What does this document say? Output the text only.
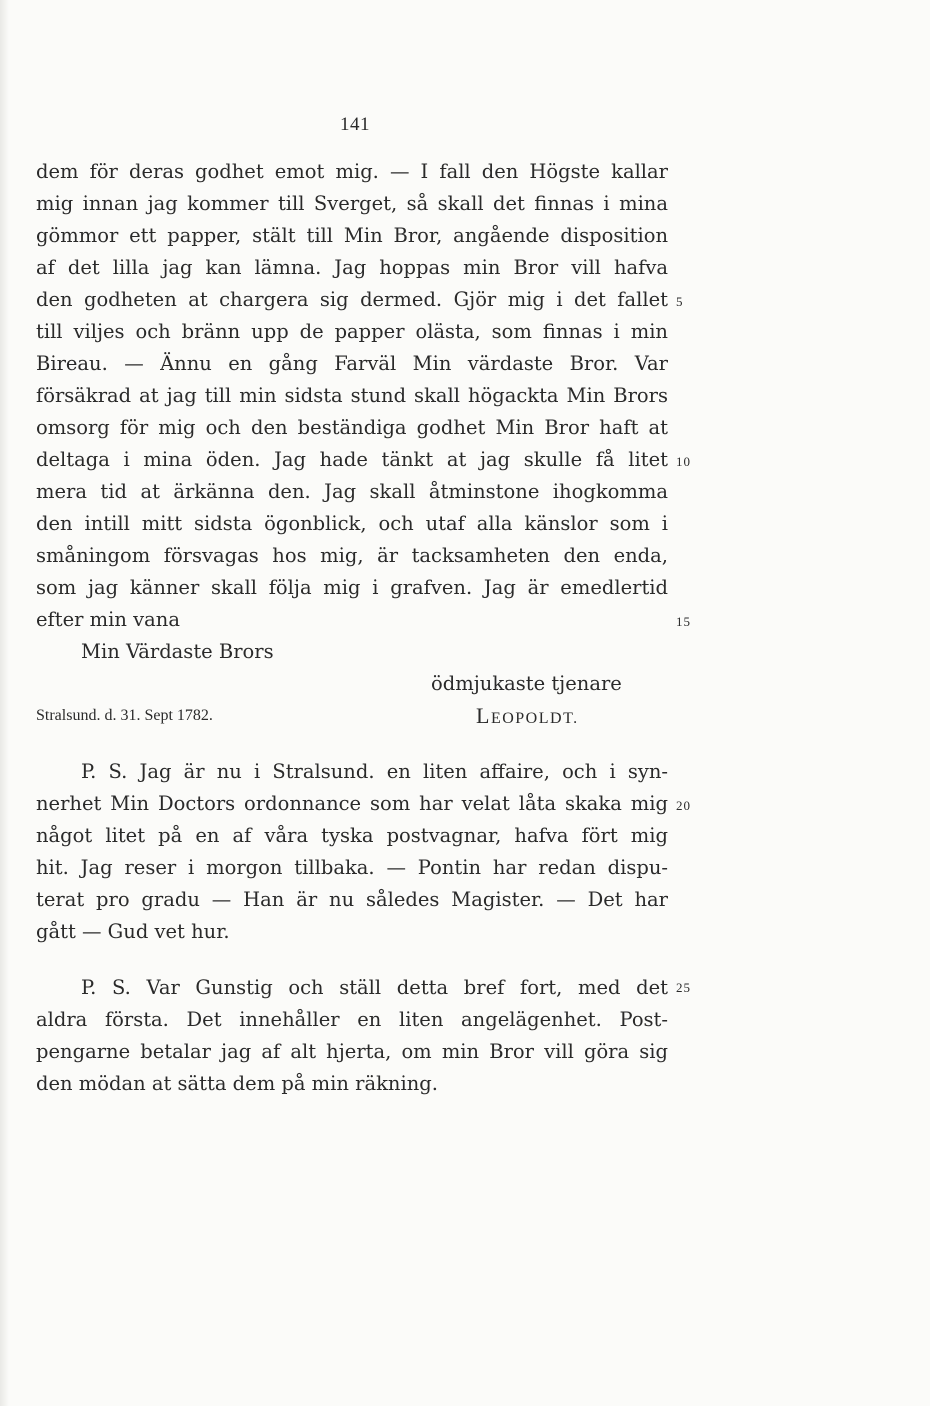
141
dem för deras godhet emot mig. — I fall den Högste kallar
mig innan jag kommer till Sverget, så skall det finnas i mina
gömmor ett papper, stält till Min Bror, angående disposition
af det lilla jag kan lämna. Jag hoppas min Bror vill hafva
den godheten at chargera sig dermed. Gjör mig i det fallet
till viljes och bränn upp de papper olästa, som finnas i min
Bireau. — Ännu en gång Farväl Min värdaste Bror. Var
försäkrad at jag till min sidsta stund skall högackta Min Brors
omsorg för mig och den beständiga godhet Min Bror haft at
deltaga i mina öden. Jag hade tänkt at jag skulle få litet
mera tid at ärkänna den. Jag skall åtminstone ihogkomma
den intill mitt sidsta ögonblick, och utaf alla känslor som i
småningom försvagas hos mig, är tacksamheten den enda,
som jag känner skall följa mig i grafven. Jag är emedlertid
efter min vana
Min Värdaste Brors
ödmjukaste tjenare
Stralsund. d. 31. Sept 1782.	LEOPOLDT.
P. S. Jag är nu i Stralsund. en liten affaire, och i syn-
nerhet Min Doctors ordonnance som har velat låta skaka mig
något litet på en af våra tyska postvagnar, hafva fört mig
hit. Jag reser i morgon tillbaka. — Pontin har redan dispu-
terat pro gradu — Han är nu således Magister. — Det har
gått — Gud vet hur.
P. S. Var Gunstig och ställ detta bref fort, med det
aldra första. Det innehåller en liten angelägenhet. Post-
pengarne betalar jag af alt hjerta, om min Bror vill göra sig
den mödan at sätta dem på min räkning.
5
10
15
20
25
